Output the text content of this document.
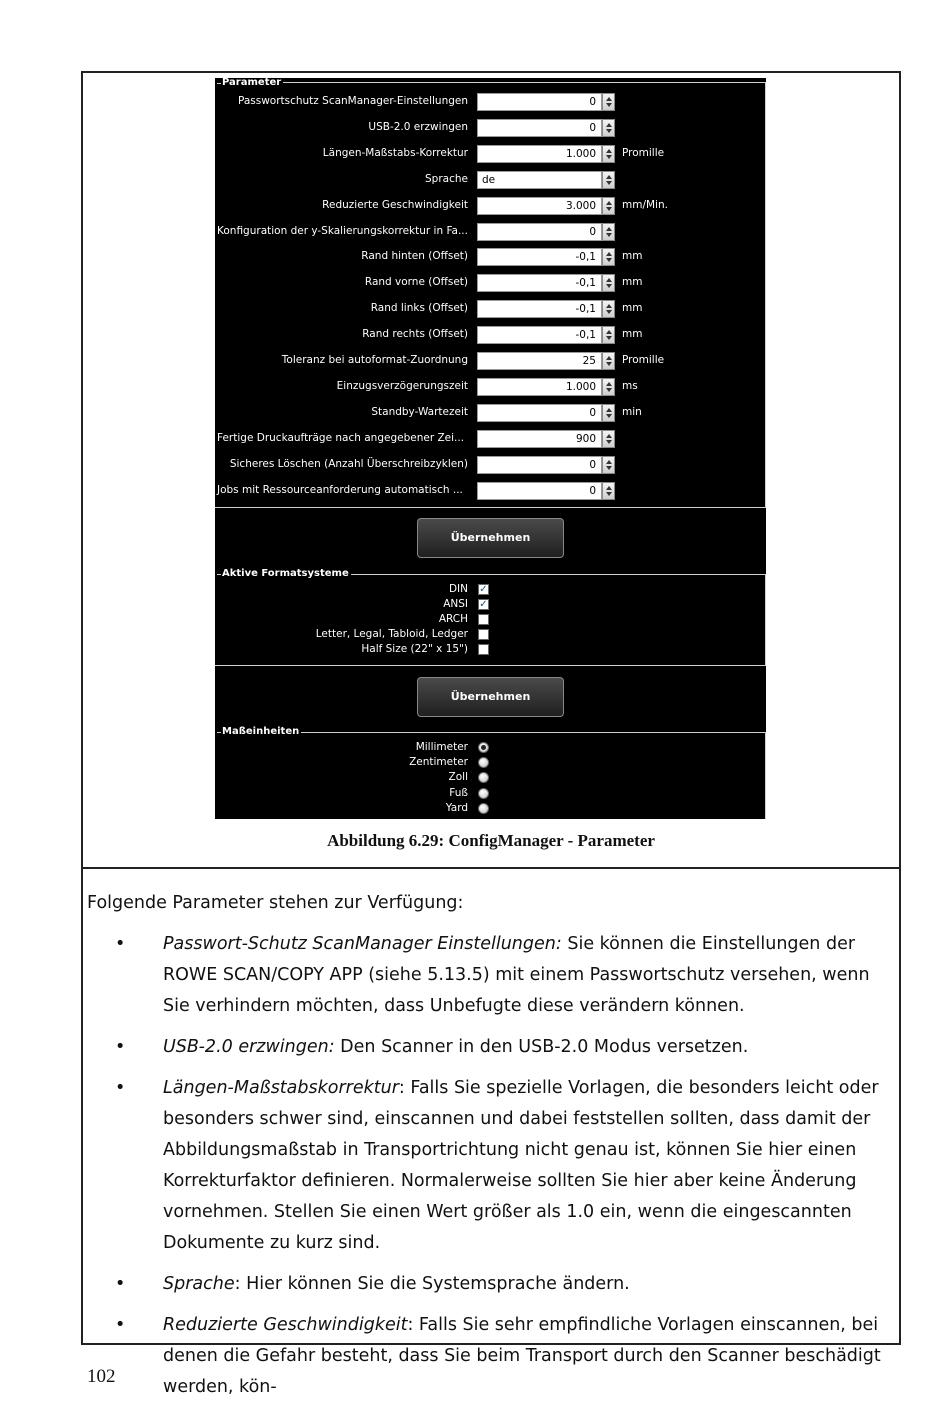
Parameter
Passwortschutz ScanManager-Einstellungen	0
USB-2.0 erzwingen	0
Längen-Maßstabs-Korrektur	1.000 Promille
Sprache de
Reduzierte Geschwindigkeit	3.000 mm/Min.
Konfiguration der y-Skalierungskorrektur in Fa...	0
Rand hinten (Offset)	-0,1 mm
Rand vorne (Offset)	-0,1 mm
Rand links (Offset)	-0,1 mm
Rand rechts (Offset)	-0,1 mm
Toleranz bei autoformat-Zuordnung	25 Promille
Einzugsverzögerungszeit	1.000 ms
Standby-Wartezeit	0 min
Fertige Druckaufträge nach angegebener Zei...	900
Sicheres Löschen (Anzahl Überschreibzyklen)	0
Jobs mit Ressourceanforderung automatisch ...	0
Übernehmen
Aktive Formatsysteme
DIN ✓
ANSI ✓
ARCH
Letter, Legal, Tabloid, Ledger
Half Size (22" x 15")
Übernehmen
Maßeinheiten
Millimeter
Zentimeter
Zoll
Fuß
Yard
Abbildung 6.29: ConfigManager - Parameter

Folgende Parameter stehen zur Verfügung:

• Passwort-Schutz ScanManager Einstellungen: Sie können die Einstellungen der ROWE SCAN/COPY APP (siehe 5.13.5) mit einem Passwortschutz versehen, wenn Sie verhindern möchten, dass Unbefugte diese verändern können.
• USB-2.0 erzwingen: Den Scanner in den USB-2.0 Modus versetzen.
• Längen-Maßstabskorrektur: Falls Sie spezielle Vorlagen, die besonders leicht oder besonders schwer sind, einscannen und dabei feststellen sollten, dass damit der Abbildungsmaßstab in Transportrichtung nicht genau ist, können Sie hier einen Korrekturfaktor definieren. Normalerweise sollten Sie hier aber keine Änderung vornehmen. Stellen Sie einen Wert größer als 1.0 ein, wenn die eingescannten Dokumente zu kurz sind.
• Sprache: Hier können Sie die Systemsprache ändern.
• Reduzierte Geschwindigkeit: Falls Sie sehr empfindliche Vorlagen einscannen, bei denen die Gefahr besteht, dass Sie beim Transport durch den Scanner beschädigt werden, kön-
102
